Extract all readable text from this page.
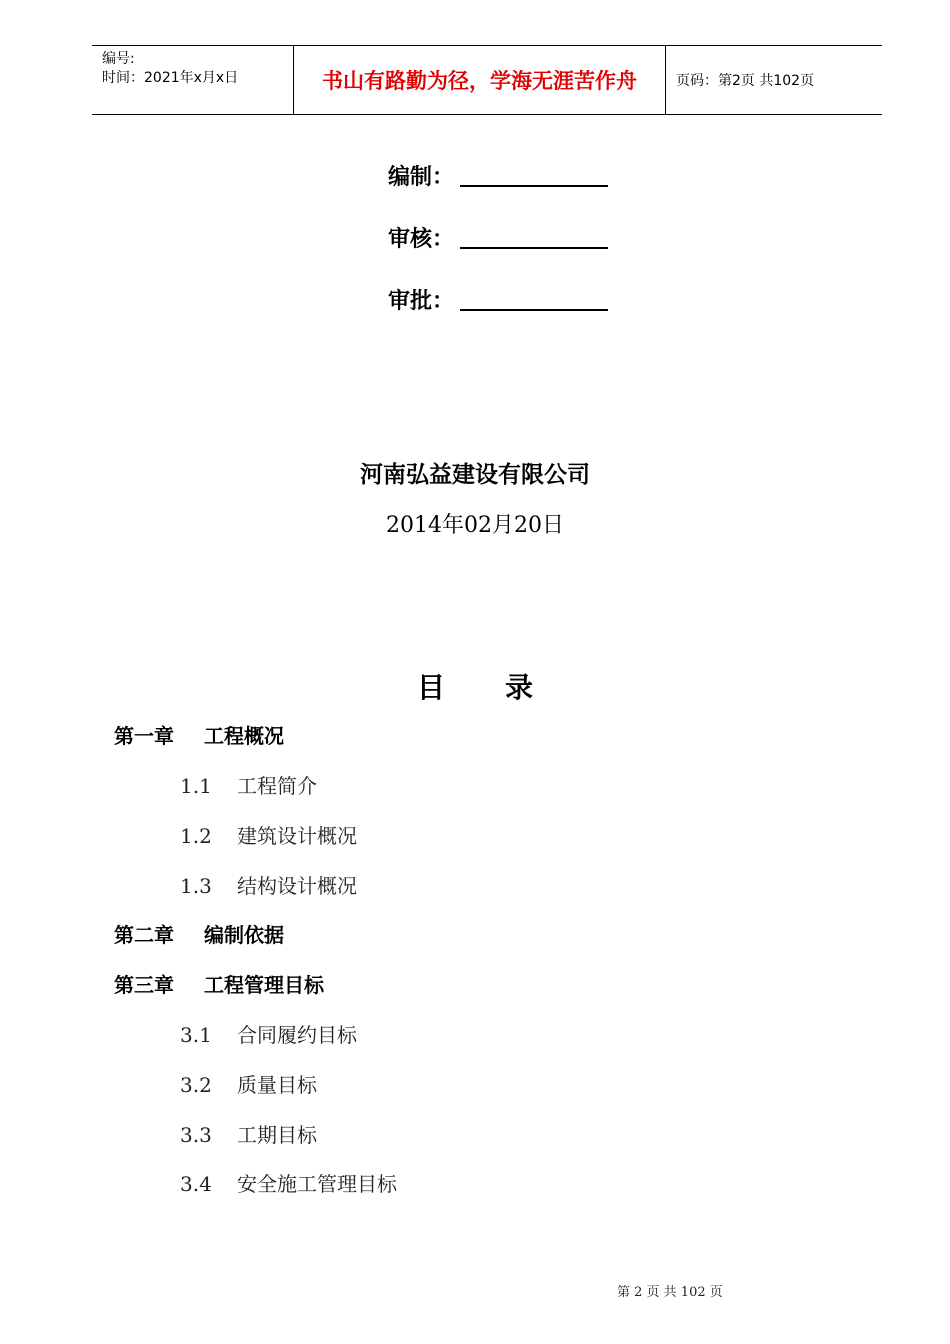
编号:
时间：2021年x月x日	书山有路勤为径，学海无涯苦作舟	页码：第2页 共102页
编制：
审核：
审批：
河南弘益建设有限公司
2014年02月20日
目 录
第一章 工程概况
1.1 工程简介
1.2 建筑设计概况
1.3 结构设计概况
第二章 编制依据
第三章 工程管理目标
3.1 合同履约目标
3.2 质量目标
3.3 工期目标
3.4 安全施工管理目标
第 2 页 共 102 页
